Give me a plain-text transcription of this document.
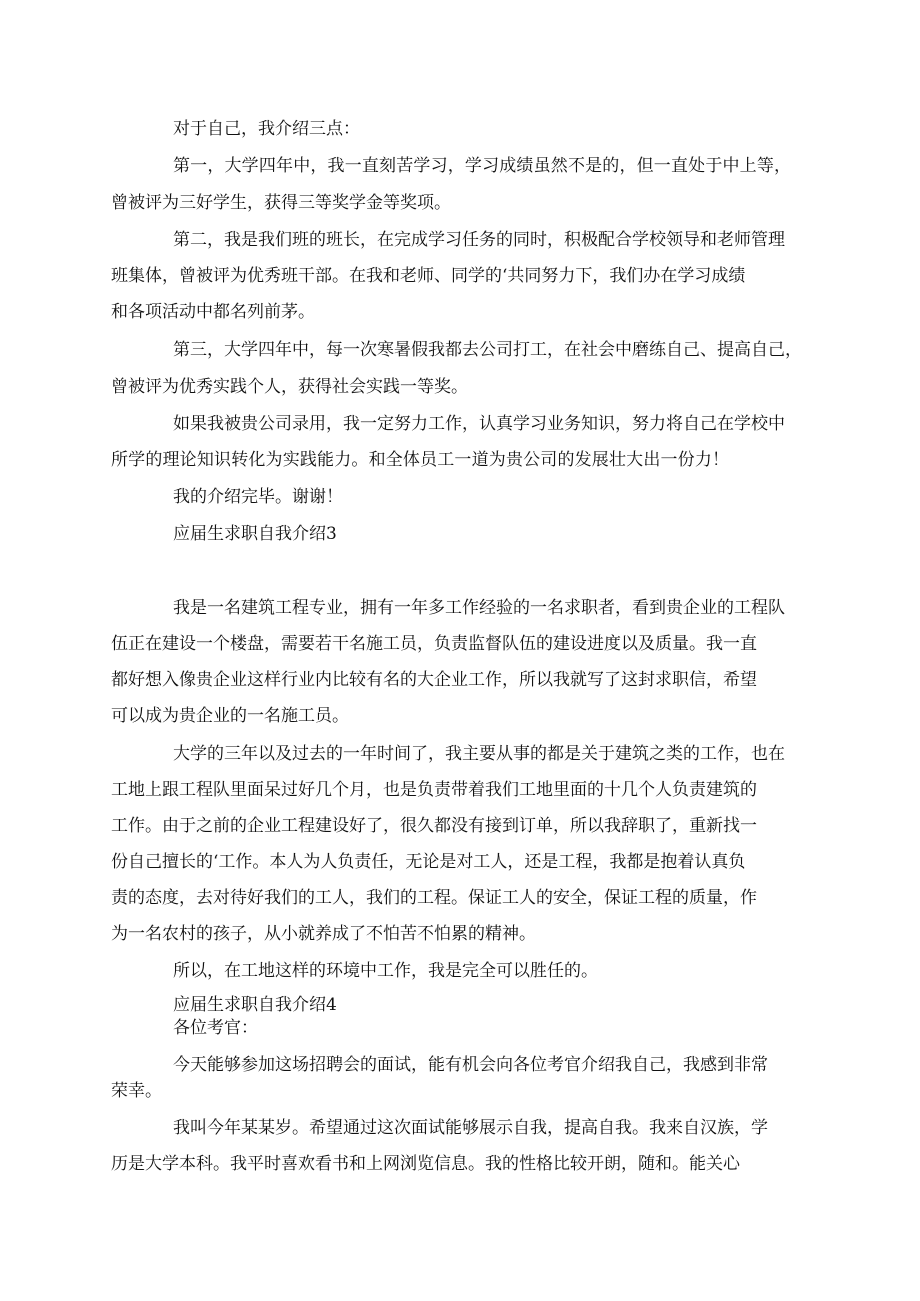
对于自己，我介绍三点：

第一，大学四年中，我一直刻苦学习，学习成绩虽然不是的，但一直处于中上等，

曾被评为三好学生，获得三等奖学金等奖项。

第二，我是我们班的班长，在完成学习任务的同时，积极配合学校领导和老师管理

班集体，曾被评为优秀班干部。在我和老师、同学的‘共同努力下，我们办在学习成绩

和各项活动中都名列前茅。

第三，大学四年中，每一次寒暑假我都去公司打工，在社会中磨练自己、提高自己，

曾被评为优秀实践个人，获得社会实践一等奖。

如果我被贵公司录用，我一定努力工作，认真学习业务知识，努力将自己在学校中

所学的理论知识转化为实践能力。和全体员工一道为贵公司的发展壮大出一份力！

我的介绍完毕。谢谢！

应届生求职自我介绍3

我是一名建筑工程专业，拥有一年多工作经验的一名求职者，看到贵企业的工程队

伍正在建设一个楼盘，需要若干名施工员，负责监督队伍的建设进度以及质量。我一直

都好想入像贵企业这样行业内比较有名的大企业工作，所以我就写了这封求职信，希望

可以成为贵企业的一名施工员。

大学的三年以及过去的一年时间了，我主要从事的都是关于建筑之类的工作，也在

工地上跟工程队里面呆过好几个月，也是负责带着我们工地里面的十几个人负责建筑的

工作。由于之前的企业工程建设好了，很久都没有接到订单，所以我辞职了，重新找一

份自己擅长的‘工作。本人为人负责任，无论是对工人，还是工程，我都是抱着认真负

责的态度，去对待好我们的工人，我们的工程。保证工人的安全，保证工程的质量，作

为一名农村的孩子，从小就养成了不怕苦不怕累的精神。

所以，在工地这样的环境中工作，我是完全可以胜任的。

应届生求职自我介绍4

各位考官：

今天能够参加这场招聘会的面试，能有机会向各位考官介绍我自己，我感到非常

荣幸。

我叫今年某某岁。希望通过这次面试能够展示自我，提高自我。我来自汉族，学

历是大学本科。我平时喜欢看书和上网浏览信息。我的性格比较开朗，随和。能关心
